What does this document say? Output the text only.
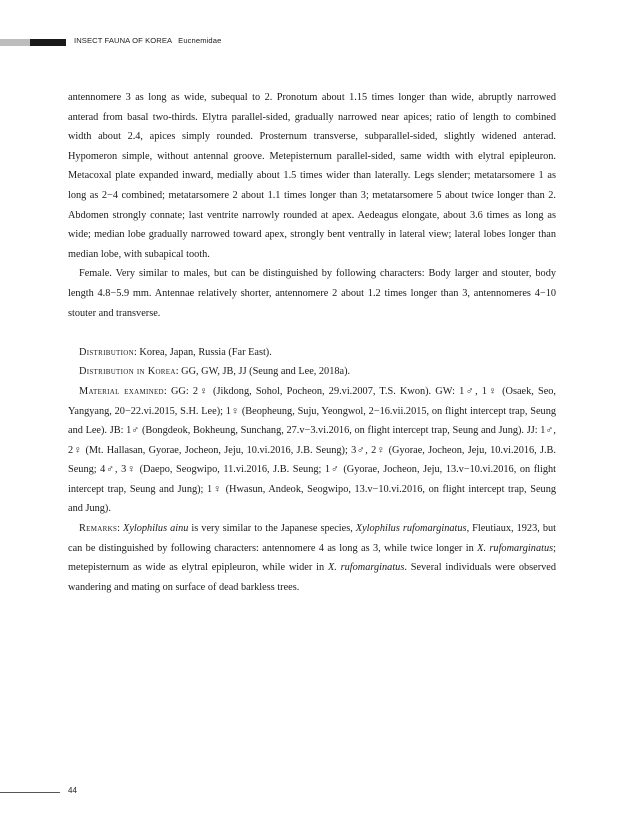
INSECT FAUNA OF KOREA Eucnemidae

antennomere 3 as long as wide, subequal to 2. Pronotum about 1.15 times longer than wide, abruptly narrowed anterad from basal two-thirds. Elytra parallel-sided, gradually narrowed near apices; ratio of length to combined width about 2.4, apices simply rounded. Prosternum transverse, subparallel-sided, slightly widened anterad. Hypomeron simple, without antennal groove. Metepisternum parallel-sided, same width with elytral epipleuron. Metacoxal plate expanded inward, medially about 1.5 times wider than laterally. Legs slender; metatarsomere 1 as long as 2−4 combined; metatarsomere 2 about 1.1 times longer than 3; metatarsomere 5 about twice longer than 2. Abdomen strongly connate; last ventrite narrowly rounded at apex. Aedeagus elongate, about 3.6 times as long as wide; median lobe gradually narrowed toward apex, strongly bent ventrally in lateral view; lateral lobes longer than median lobe, with subapical tooth.

Female. Very similar to males, but can be distinguished by following characters: Body larger and stouter, body length 4.8−5.9 mm. Antennae relatively shorter, antennomere 2 about 1.2 times longer than 3, antennomeres 4−10 stouter and transverse.

Distribution: Korea, Japan, Russia (Far East).

Distribution in Korea: GG, GW, JB, JJ (Seung and Lee, 2018a).

Material examined: GG: 2♀ (Jikdong, Sohol, Pocheon, 29.vi.2007, T.S. Kwon). GW: 1♂, 1♀ (Osaek, Seo, Yangyang, 20−22.vi.2015, S.H. Lee); 1♀ (Beopheung, Suju, Yeongwol, 2−16.vii.2015, on flight intercept trap, Seung and Lee). JB: 1♂ (Bongdeok, Bokheung, Sunchang, 27.v−3.vi.2016, on flight intercept trap, Seung and Jung). JJ: 1♂, 2♀ (Mt. Hallasan, Gyorae, Jocheon, Jeju, 10.vi.2016, J.B. Seung); 3♂, 2♀ (Gyorae, Jocheon, Jeju, 10.vi.2016, J.B. Seung; 4♂, 3♀ (Daepo, Seogwipo, 11.vi.2016, J.B. Seung; 1♂ (Gyorae, Jocheon, Jeju, 13.v−10.vi.2016, on flight intercept trap, Seung and Jung); 1♀ (Hwasun, Andeok, Seogwipo, 13.v−10.vi.2016, on flight intercept trap, Seung and Jung).

Remarks: Xylophilus ainu is very similar to the Japanese species, Xylophilus rufomarginatus, Fleutiaux, 1923, but can be distinguished by following characters: antennomere 4 as long as 3, while twice longer in X. rufomarginatus; metepisternum as wide as elytral epipleuron, while wider in X. rufomarginatus. Several individuals were observed wandering and mating on surface of dead barkless trees.

44
